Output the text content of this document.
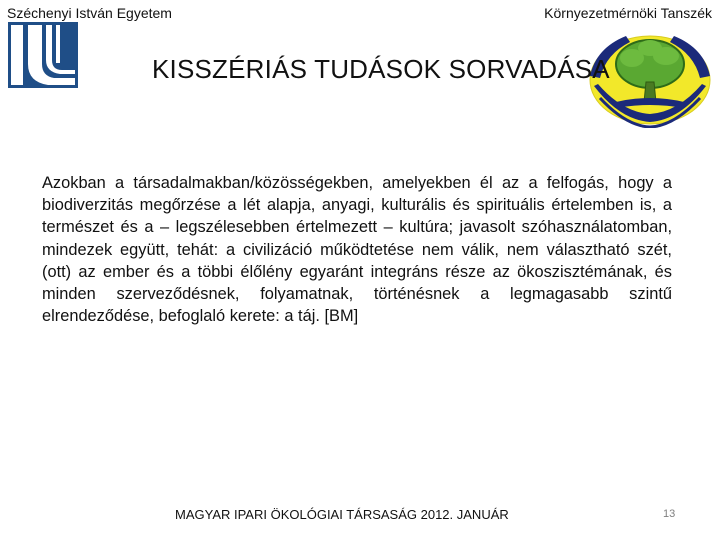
Széchenyi István Egyetem	Környezetmérnöki Tanszék
KISSZÉRIÁS TUDÁSOK SORVADÁSA
Azokban a társadalmakban/közösségekben, amelyekben él az a felfogás, hogy a biodiverzitás megőrzése a lét alapja, anyagi, kulturális és spirituális értelemben is, a természet és a – legszélesebben értelmezett – kultúra; javasolt szóhasználatomban, mindezek együtt, tehát: a civilizáció működtetése nem válik, nem választható szét, (ott) az ember és a többi élőlény egyaránt integráns része az ökoszisztémának, és minden szerveződésnek, folyamatnak, történésnek a legmagasabb szintű elrendeződése, befoglaló kerete: a táj. [BM]
MAGYAR IPARI ÖKOLÓGIAI TÁRSASÁG 2012. JANUÁR	13
